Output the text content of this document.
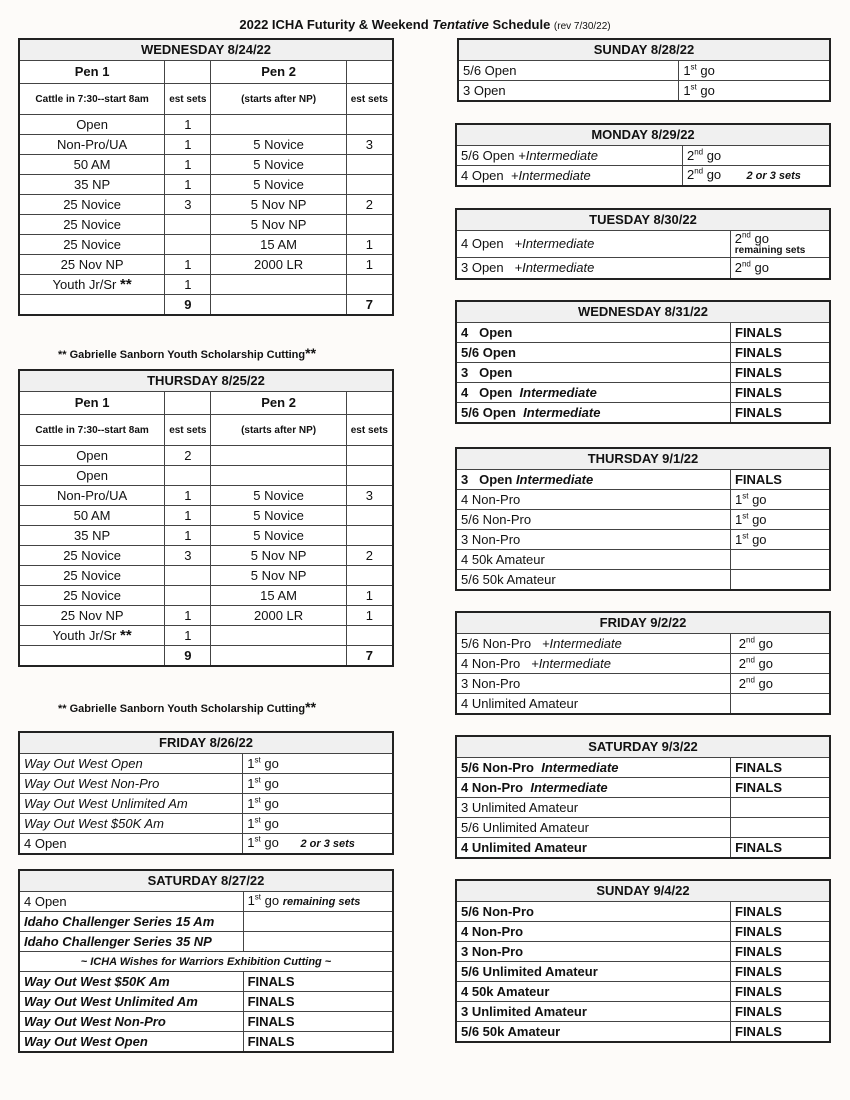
2022 ICHA Futurity & Weekend Tentative Schedule (rev 7/30/22)
WEDNESDAY 8/24/22			
Pen 1		Pen 2	
Cattle in 7:30--start 8am	est sets	(starts after NP)	est sets
Open	1		
Non-Pro/UA	1	5 Novice	3
50 AM	1	5 Novice	
35 NP	1	5 Novice	
25 Novice	3	5 Nov NP	2
25 Novice		5 Nov NP	
25 Novice		15 AM	1
25 Nov NP	1	2000 LR	1
Youth Jr/Sr **	1		
	9		7
** Gabrielle Sanborn Youth Scholarship Cutting**
THURSDAY 8/25/22			
Pen 1		Pen 2	
Cattle in 7:30--start 8am	est sets	(starts after NP)	est sets
Open	2		
Open			
Non-Pro/UA	1	5 Novice	3
50 AM	1	5 Novice	
35 NP	1	5 Novice	
25 Novice	3	5 Nov NP	2
25 Novice		5 Nov NP	
25 Novice		15 AM	1
25 Nov NP	1	2000 LR	1
Youth Jr/Sr **	1		
	9		7
** Gabrielle Sanborn Youth Scholarship Cutting**
FRIDAY 8/26/22	
Way Out West Open	1st go
Way Out West Non-Pro	1st go
Way Out West Unlimited Am	1st go
Way Out West $50K Am	1st go
4 Open	1st go 2 or 3 sets
SATURDAY 8/27/22	
4 Open	1st go remaining sets
Idaho Challenger Series 15 Am	
Idaho Challenger Series 35 NP	
~ ICHA Wishes for Warriors Exhibition Cutting ~	
Way Out West $50K Am	FINALS
Way Out West Unlimited Am	FINALS
Way Out West Non-Pro	FINALS
Way Out West Open	FINALS
SUNDAY 8/28/22	
5/6 Open	1st go
3 Open	1st go
MONDAY 8/29/22	
5/6 Open +Intermediate	2nd go
4 Open  +Intermediate	2nd go 2 or 3 sets
TUESDAY 8/30/22	
4 Open +Intermediate	2nd go
remaining sets

3 Open +Intermediate	2nd go
WEDNESDAY 8/31/22	
4 Open	FINALS
5/6 Open	FINALS
3 Open	FINALS
4 Open Intermediate	FINALS
5/6 Open Intermediate	FINALS
THURSDAY 9/1/22	
3 Open Intermediate	FINALS
4 Non-Pro	1st go
5/6 Non-Pro	1st go
3 Non-Pro	1st go
4 50k Amateur	
5/6 50k Amateur	
FRIDAY 9/2/22	
5/6 Non-Pro   +Intermediate	2nd go
4 Non-Pro   +Intermediate	2nd go
3 Non-Pro	2nd go
4 Unlimited Amateur	
SATURDAY 9/3/22	
5/6 Non-Pro Intermediate	FINALS
4 Non-Pro Intermediate	FINALS
3 Unlimited Amateur	
5/6 Unlimited Amateur	
4 Unlimited Amateur	FINALS
SUNDAY 9/4/22	
5/6 Non-Pro	FINALS
4 Non-Pro	FINALS
3 Non-Pro	FINALS
5/6 Unlimited Amateur	FINALS
4 50k Amateur	FINALS
3 Unlimited Amateur	FINALS
5/6 50k Amateur	FINALS
